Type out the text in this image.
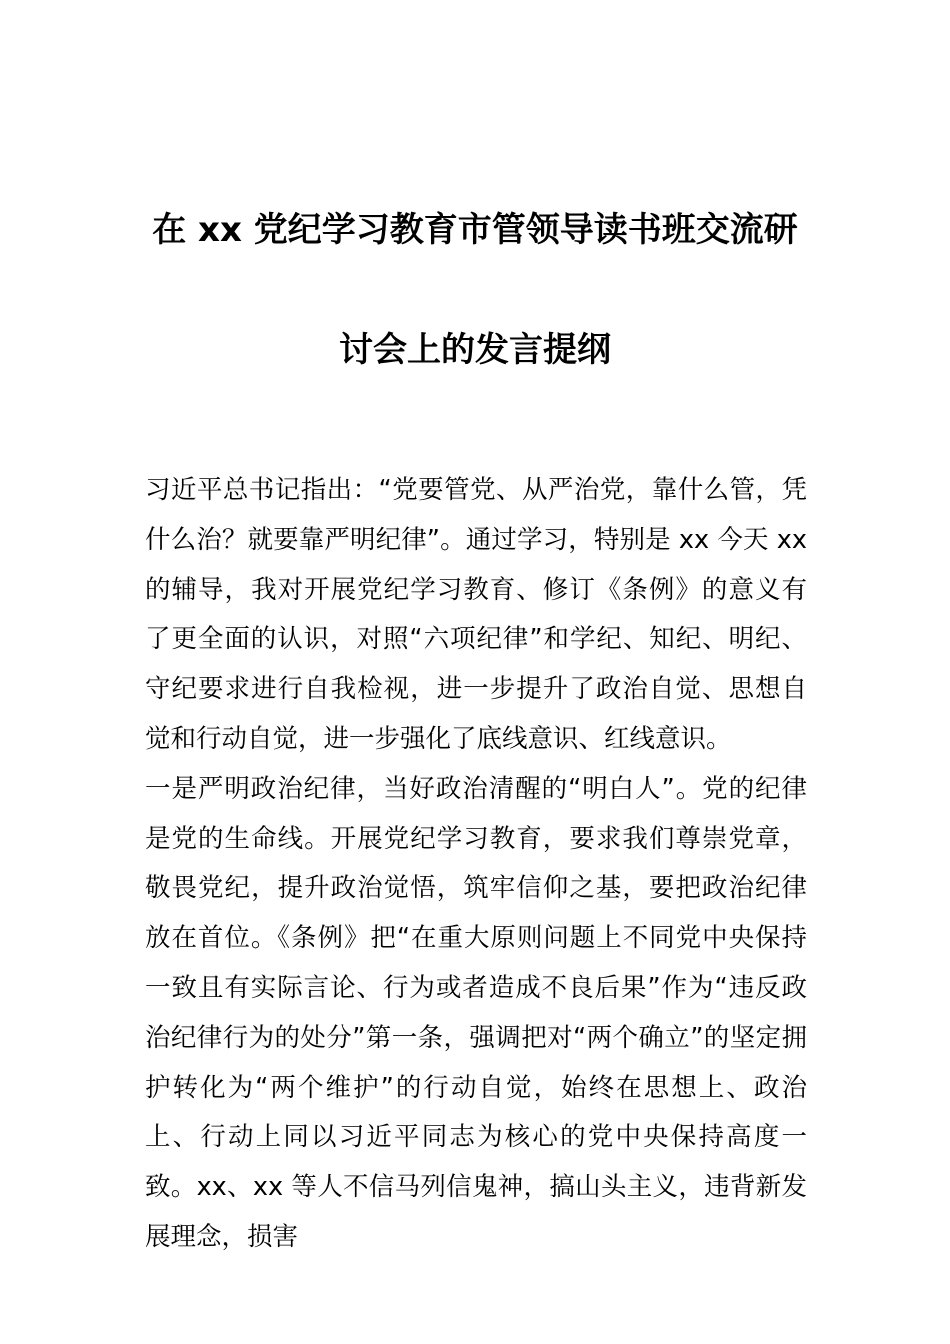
在 xx 党纪学习教育市管领导读书班交流研
讨会上的发言提纲

习近平总书记指出：“党要管党、从严治党，靠什么管，凭什么治？就要靠严明纪律”。通过学习，特别是 xx 今天 xx 的辅导，我对开展党纪学习教育、修订《条例》的意义有了更全面的认识，对照“六项纪律”和学纪、知纪、明纪、守纪要求进行自我检视，进一步提升了政治自觉、思想自觉和行动自觉，进一步强化了底线意识、红线意识。

一是严明政治纪律，当好政治清醒的“明白人”。党的纪律是党的生命线。开展党纪学习教育，要求我们尊崇党章，敬畏党纪，提升政治觉悟，筑牢信仰之基，要把政治纪律放在首位。《条例》把“在重大原则问题上不同党中央保持一致且有实际言论、行为或者造成不良后果”作为“违反政治纪律行为的处分”第一条，强调把对“两个确立”的坚定拥护转化为“两个维护”的行动自觉，始终在思想上、政治上、行动上同以习近平同志为核心的党中央保持高度一致。xx、xx 等人不信马列信鬼神，搞山头主义，违背新发展理念，损害
